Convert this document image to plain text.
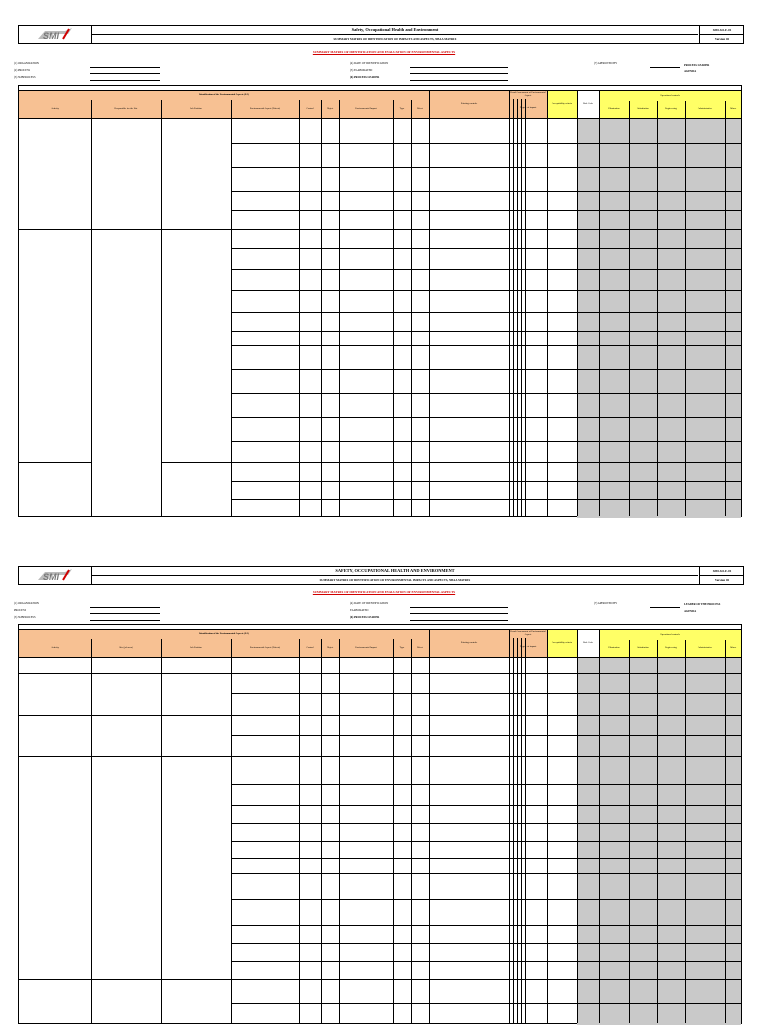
SMI
Safety, Occupational Health and Environment
SUMMARY MATRIX OF IDENTIFICATION OF IMPACTS AND ASPECTS, NBAA MATRIX
SMI-SO-F-01
Version 02
SUMMARY MATRIX OF IDENTIFICATION AND EVALUATION OF ENVIRONMENTAL ASPECTS
(1) ORGANIZATION
(2) PROCESS
(3) SUBPROCESS
(4) DATE OF IDENTIFICATION
(5) ELABORATED
(6) PROCESS LEADER
(7) APPROVED BY
PROCESS LEADER
AGENDA
Identification of the Environmental Aspects (EA)
Existing controls
Result Assessment of Environmental Aspect
Acceptability criteria	Risk Code
Operational controls
Degree of impact
Activity	Responsible for the Site	Job Position	Environmental Aspect (Effects)	Control	Object	Environmental Impact	Type	Effect	Elimination	Substitution	Engineering	Administrative	Others
SMI
SAFETY, OCCUPATIONAL HEALTH AND ENVIRONMENT
SUMMARY MATRIX OF IDENTIFICATION OF ENVIRONMENTAL IMPACTS AND ASPECTS, NBAA MATRIX
SMI-SO-F-01
Version 02
SUMMARY MATRIX OF IDENTIFICATION AND EVALUATION OF ENVIRONMENTAL ASPECTS
(1) ORGANIZATION
PROCESS
(3) SUBPROCESS
(4) DATE OF IDENTIFICATION
ELABORATED
(6) PROCESS LEADER
(7) APPROVED BY	LEADER OF THE PROCESS
AGENDA
Identification of the Environmental Aspects (EA)
Existing controls
Result Assessment of Environmental Aspect
Acceptability criteria	Risk Code
Operational controls
Degree of impact
Activity	Site (job area)	Job Position	Environmental Aspect (Effects)	Control	Object	Environmental Impact	Type	Effect	Elimination	Substitution	Engineering	Administrative	Others
